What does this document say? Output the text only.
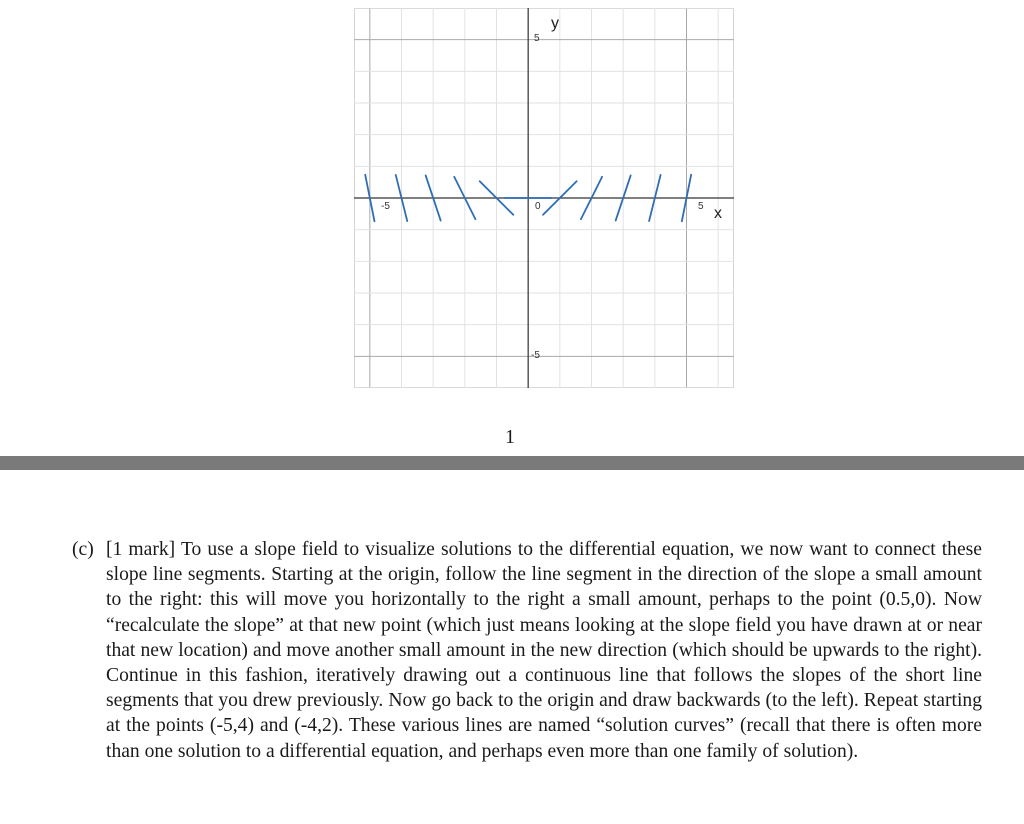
y
x
-5	0	5
5
-5
1
(c) [1 mark] To use a slope field to visualize solutions to the differential equation, we now want to connect these slope line segments. Starting at the origin, follow the line segment in the direction of the slope a small amount to the right: this will move you horizontally to the right a small amount, perhaps to the point (0.5,0). Now “recalculate the slope” at that new point (which just means looking at the slope field you have drawn at or near that new location) and move another small amount in the new direction (which should be upwards to the right). Continue in this fashion, iteratively drawing out a continuous line that follows the slopes of the short line segments that you drew previously. Now go back to the origin and draw backwards (to the left). Repeat starting at the points (-5,4) and (-4,2). These various lines are named “solution curves” (recall that there is often more than one solution to a differential equation, and perhaps even more than one family of solution).
